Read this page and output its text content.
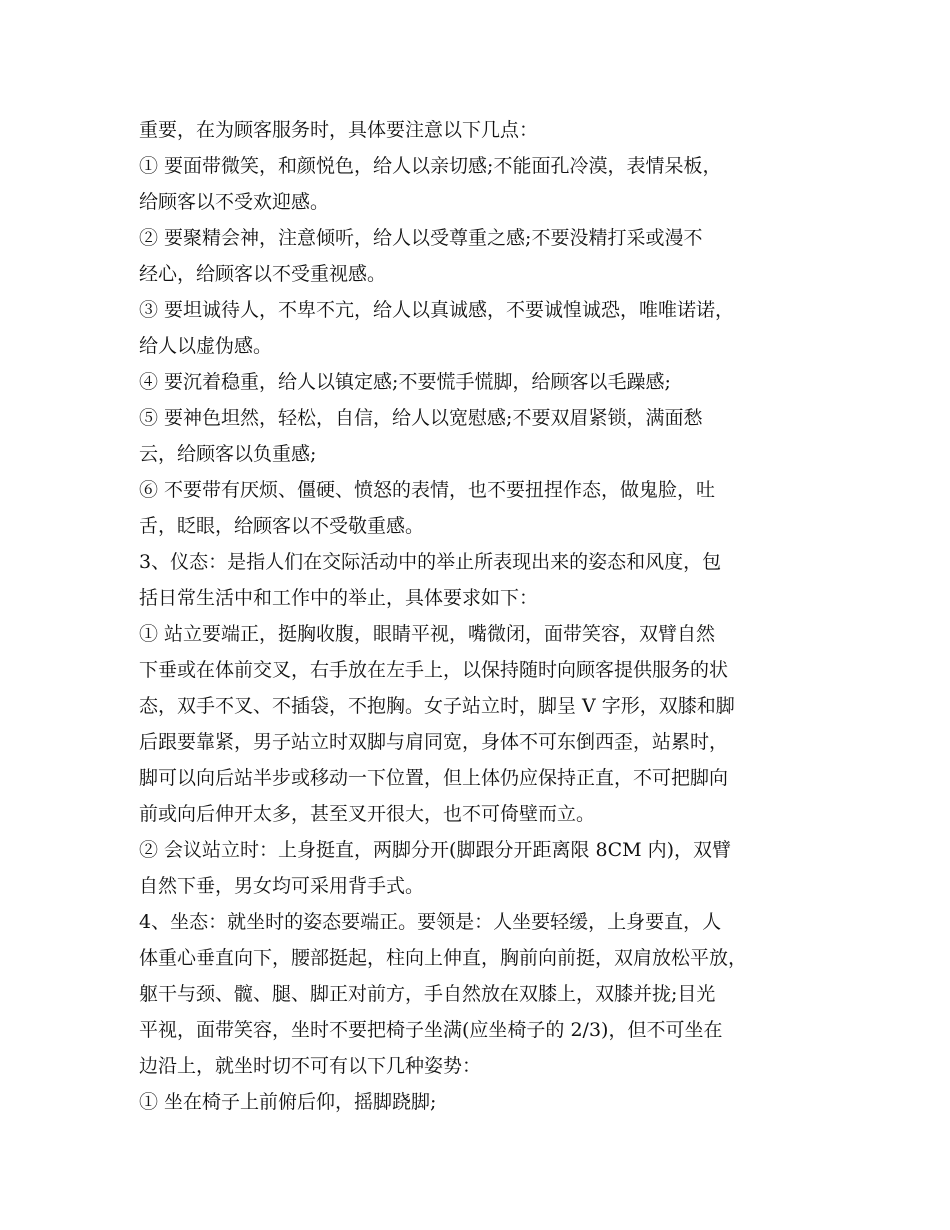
重要，在为顾客服务时，具体要注意以下几点：
① 要面带微笑，和颜悦色，给人以亲切感;不能面孔冷漠，表情呆板，
给顾客以不受欢迎感。
② 要聚精会神，注意倾听，给人以受尊重之感;不要没精打采或漫不
经心，给顾客以不受重视感。
③ 要坦诚待人，不卑不亢，给人以真诚感，不要诚惶诚恐，唯唯诺诺，
给人以虚伪感。
④ 要沉着稳重，给人以镇定感;不要慌手慌脚，给顾客以毛躁感;
⑤ 要神色坦然，轻松，自信，给人以宽慰感;不要双眉紧锁，满面愁
云，给顾客以负重感;
⑥ 不要带有厌烦、僵硬、愤怒的表情，也不要扭捏作态，做鬼脸，吐
舌，眨眼，给顾客以不受敬重感。
3、仪态：是指人们在交际活动中的举止所表现出来的姿态和风度，包
括日常生活中和工作中的举止，具体要求如下：
① 站立要端正，挺胸收腹，眼睛平视，嘴微闭，面带笑容，双臂自然
下垂或在体前交叉，右手放在左手上，以保持随时向顾客提供服务的状
态，双手不叉、不插袋，不抱胸。女子站立时，脚呈 V 字形，双膝和脚
后跟要靠紧，男子站立时双脚与肩同宽，身体不可东倒西歪，站累时，
脚可以向后站半步或移动一下位置，但上体仍应保持正直，不可把脚向
前或向后伸开太多，甚至叉开很大，也不可倚壁而立。
② 会议站立时：上身挺直，两脚分开(脚跟分开距离限 8CM 内)，双臂
自然下垂，男女均可采用背手式。
4、坐态：就坐时的姿态要端正。要领是：人坐要轻缓，上身要直，人
体重心垂直向下，腰部挺起，柱向上伸直，胸前向前挺，双肩放松平放，
躯干与颈、髋、腿、脚正对前方，手自然放在双膝上，双膝并拢;目光
平视，面带笑容，坐时不要把椅子坐满(应坐椅子的 2/3)，但不可坐在
边沿上，就坐时切不可有以下几种姿势：
① 坐在椅子上前俯后仰，摇脚跷脚;
